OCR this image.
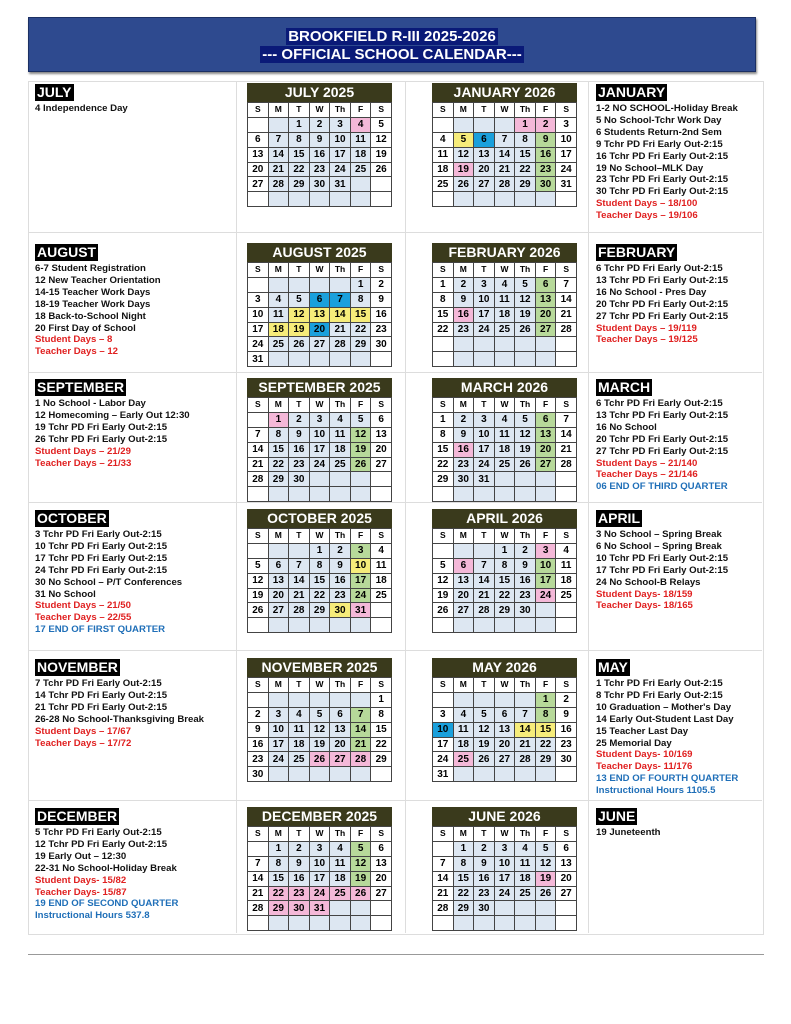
BROOKFIELD R-III 2025-2026
--- OFFICIAL SCHOOL CALENDAR---
JULY
4 Independence Day
AUGUST
6-7 Student Registration
12 New Teacher Orientation
14-15 Teacher Work Days
18-19 Teacher Work Days
18 Back-to-School Night
20 First Day of School
Student Days – 8
Teacher Days – 12
SEPTEMBER
1 No School - Labor Day
12 Homecoming – Early Out 12:30
19 Tchr PD Fri Early Out-2:15
26 Tchr PD Fri Early Out-2:15
Student Days – 21/29
Teacher Days – 21/33
OCTOBER
3 Tchr PD Fri Early Out-2:15
10 Tchr PD Fri Early Out-2:15
17 Tchr PD Fri Early Out-2:15
24 Tchr PD Fri Early Out-2:15
30 No School – P/T Conferences
31 No School
Student Days – 21/50
Teacher Days – 22/55
17 END OF FIRST QUARTER
NOVEMBER
7 Tchr PD Fri Early Out-2:15
14 Tchr PD Fri Early Out-2:15
21 Tchr PD Fri Early Out-2:15
26-28 No School-Thanksgiving Break
Student Days – 17/67
Teacher Days – 17/72
DECEMBER
5 Tchr PD Fri Early Out-2:15
12 Tchr PD Fri Early Out-2:15
19 Early Out – 12:30
22-31 No School-Holiday Break
Student Days- 15/82
Teacher Days- 15/87
19 END OF SECOND QUARTER
Instructional Hours 537.8
JANUARY
1-2 NO SCHOOL-Holiday Break
5 No School-Tchr Work Day
6 Students Return-2nd Sem
9 Tchr PD Fri Early Out-2:15
16 Tchr PD Fri Early Out-2:15
19 No School–MLK Day
23 Tchr PD Fri Early Out-2:15
30 Tchr PD Fri Early Out-2:15
Student Days – 18/100
Teacher Days – 19/106
FEBRUARY
6 Tchr PD Fri Early Out-2:15
13 Tchr PD Fri Early Out-2:15
16 No School - Pres Day
20 Tchr PD Fri Early Out-2:15
27 Tchr PD Fri Early Out-2:15
Student Days – 19/119
Teacher Days – 19/125
MARCH
6 Tchr PD Fri Early Out-2:15
13 Tchr PD Fri Early Out-2:15
16 No School
20 Tchr PD Fri Early Out-2:15
27 Tchr PD Fri Early Out-2:15
Student Days – 21/140
Teacher Days – 21/146
06 END OF THIRD QUARTER
APRIL
3 No School – Spring Break
6 No School – Spring Break
10 Tchr PD Fri Early Out-2:15
17 Tchr PD Fri Early Out-2:15
24 No School-B Relays
Student Days- 18/159
Teacher Days- 18/165
MAY
1 Tchr PD Fri Early Out-2:15
8 Tchr PD Fri Early Out-2:15
10 Graduation – Mother's Day
14 Early Out-Student Last Day
15 Teacher Last Day
25 Memorial Day
Student Days- 10/169
Teacher Days- 11/176
13 END OF FOURTH QUARTER
Instructional Hours 1105.5
JUNE
19 Juneteenth
JULY 2025
S	M	T	W	Th	F	S
		1	2	3	4	5
6	7	8	9	10	11	12
13	14	15	16	17	18	19
20	21	22	23	24	25	26
27	28	29	30	31		

AUGUST 2025
S	M	T	W	Th	F	S
					1	2
3	4	5	6	7	8	9
10	11	12	13	14	15	16
17	18	19	20	21	22	23
24	25	26	27	28	29	30
31						
SEPTEMBER 2025
S	M	T	W	Th	F	S
	1	2	3	4	5	6
7	8	9	10	11	12	13
14	15	16	17	18	19	20
21	22	23	24	25	26	27
28	29	30				

OCTOBER 2025
S	M	T	W	Th	F	S
			1	2	3	4
5	6	7	8	9	10	11
12	13	14	15	16	17	18
19	20	21	22	23	24	25
26	27	28	29	30	31	

NOVEMBER 2025
S	M	T	W	Th	F	S
						1
2	3	4	5	6	7	8
9	10	11	12	13	14	15
16	17	18	19	20	21	22
23	24	25	26	27	28	29
30						
DECEMBER 2025
S	M	T	W	Th	F	S
	1	2	3	4	5	6
7	8	9	10	11	12	13
14	15	16	17	18	19	20
21	22	23	24	25	26	27
28	29	30	31			

JANUARY 2026
S	M	T	W	Th	F	S
				1	2	3
4	5	6	7	8	9	10
11	12	13	14	15	16	17
18	19	20	21	22	23	24
25	26	27	28	29	30	31

FEBRUARY 2026
S	M	T	W	Th	F	S
1	2	3	4	5	6	7
8	9	10	11	12	13	14
15	16	17	18	19	20	21
22	23	24	25	26	27	28

MARCH 2026
S	M	T	W	Th	F	S
1	2	3	4	5	6	7
8	9	10	11	12	13	14
15	16	17	18	19	20	21
22	23	24	25	26	27	28
29	30	31				

APRIL 2026
S	M	T	W	Th	F	S
			1	2	3	4
5	6	7	8	9	10	11
12	13	14	15	16	17	18
19	20	21	22	23	24	25
26	27	28	29	30		

MAY 2026
S	M	T	W	Th	F	S
					1	2
3	4	5	6	7	8	9
10	11	12	13	14	15	16
17	18	19	20	21	22	23
24	25	26	27	28	29	30
31						
JUNE 2026
S	M	T	W	Th	F	S
	1	2	3	4	5	6
7	8	9	10	11	12	13
14	15	16	17	18	19	20
21	22	23	24	25	26	27
28	29	30				
